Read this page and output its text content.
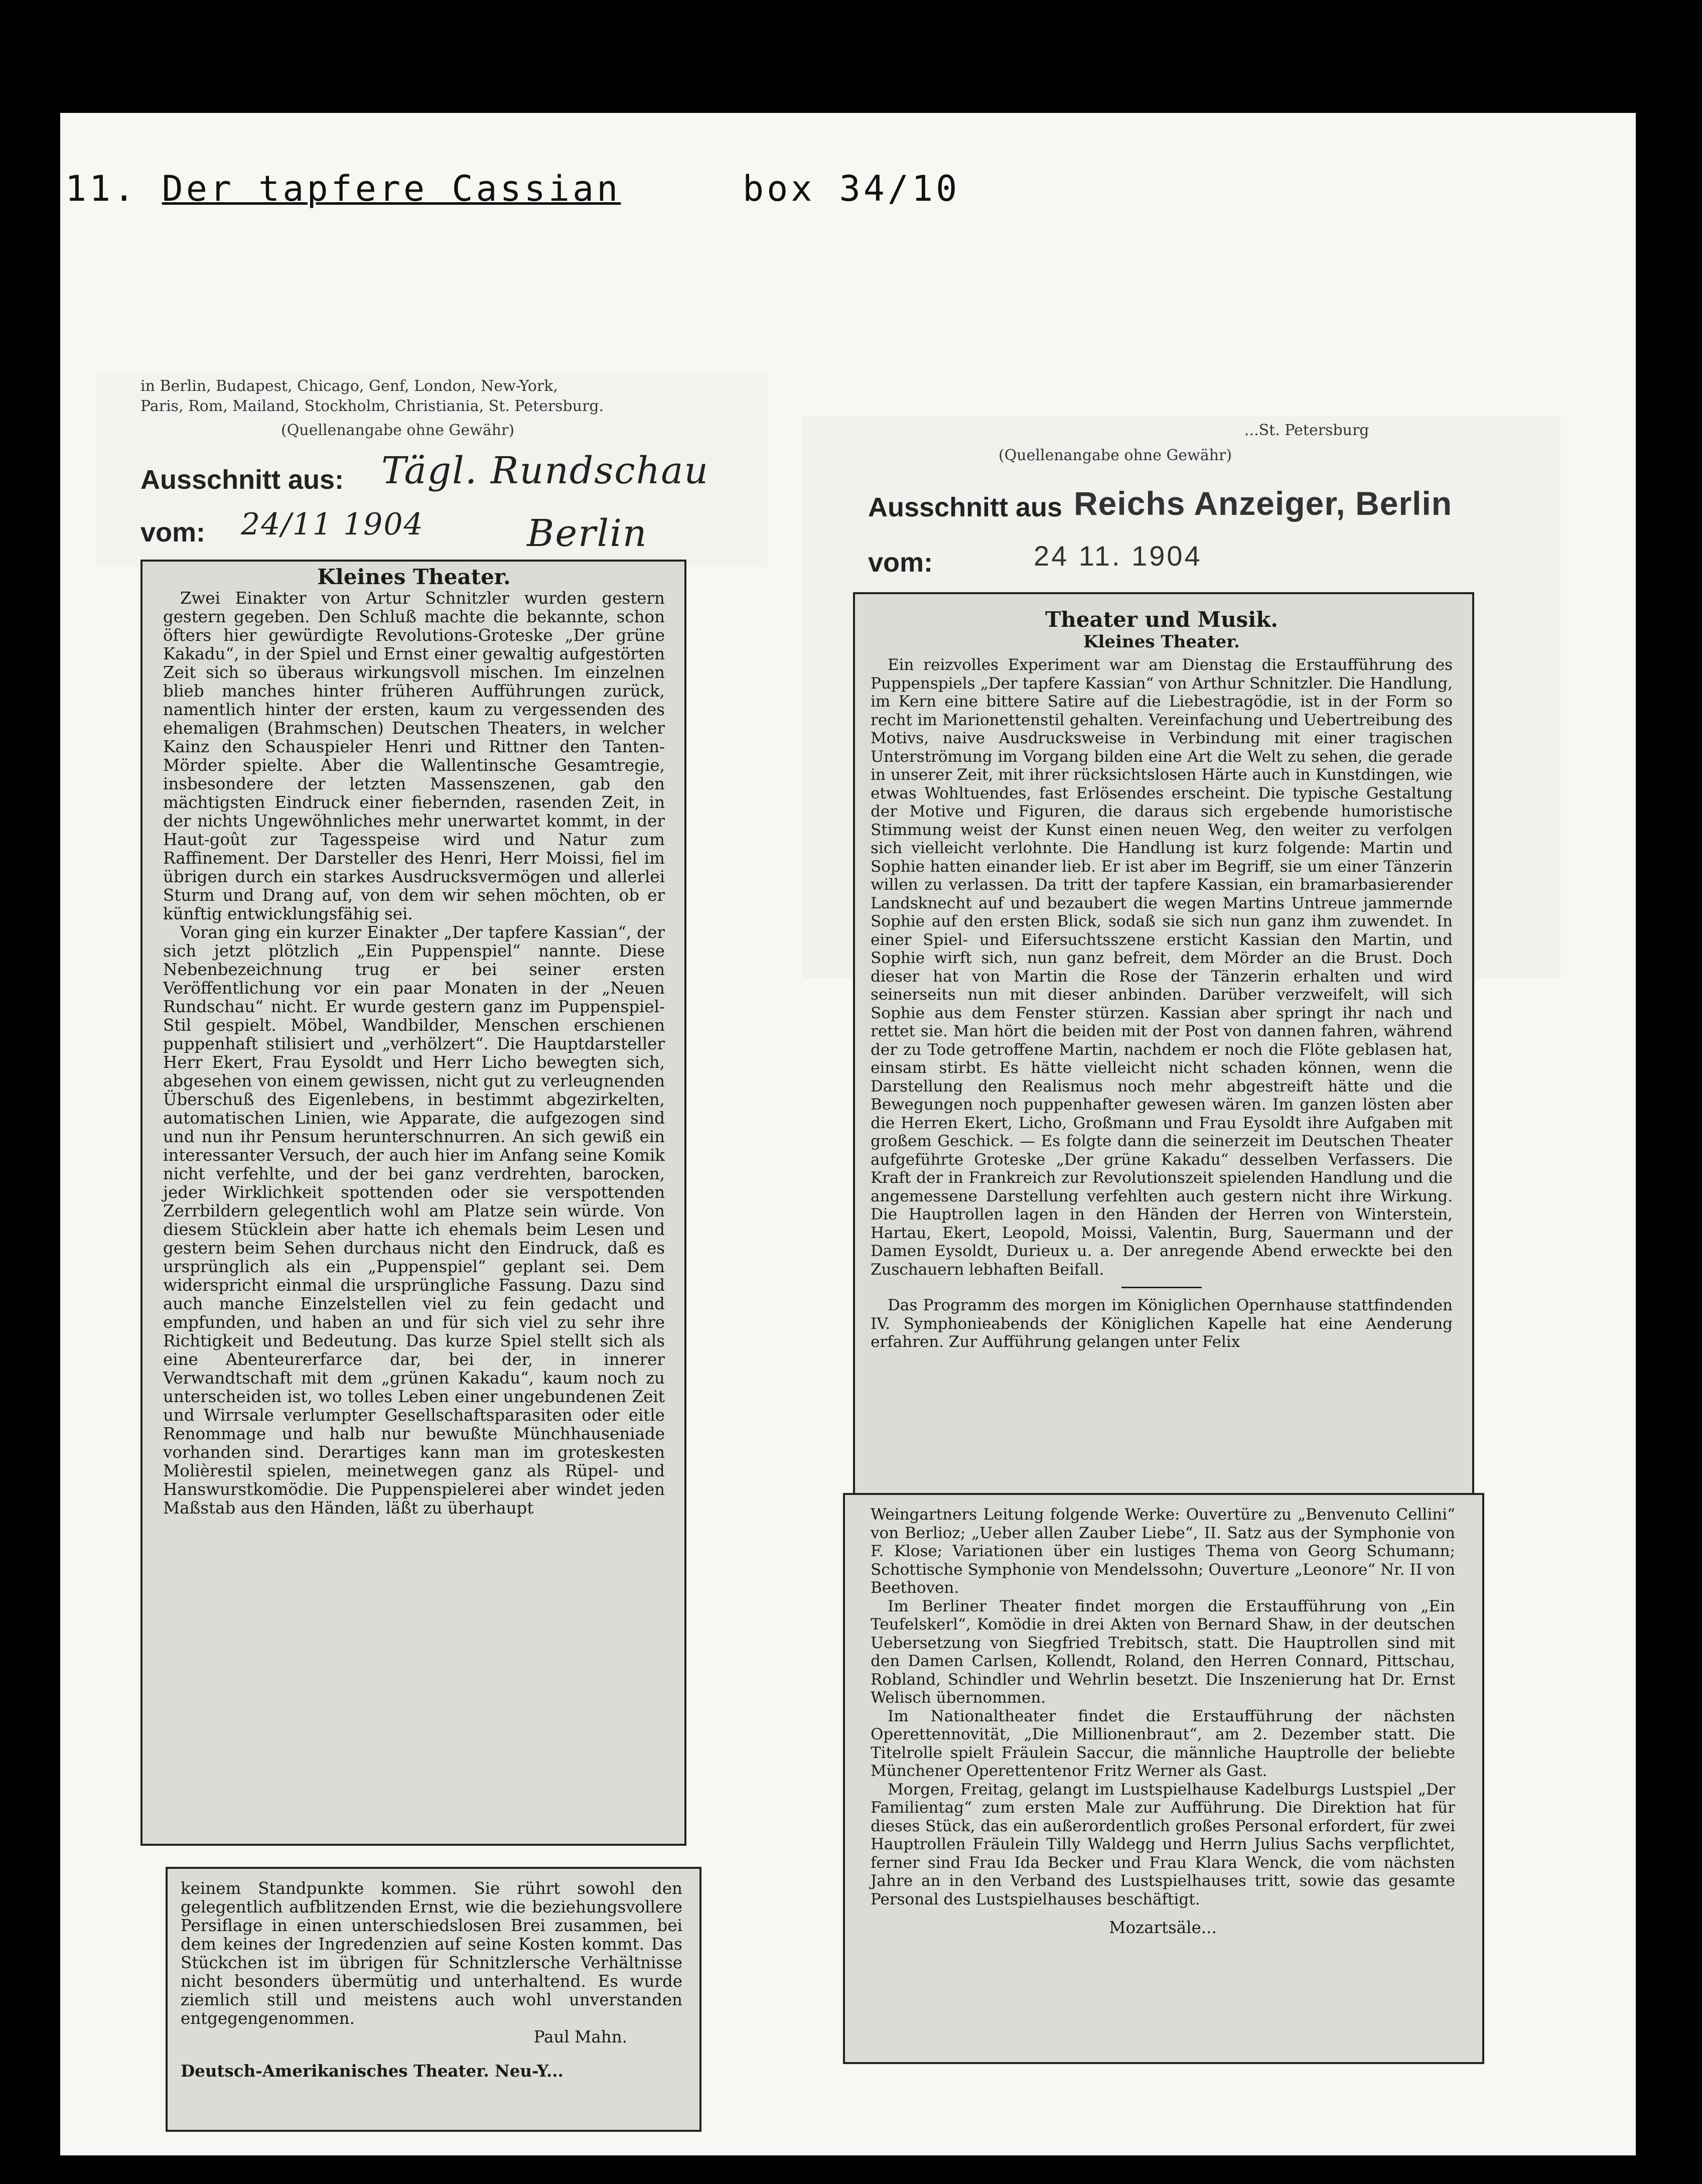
11. Der tapfere Cassian	box 34/10
in Berlin, Budapest, Chicago, Genf, London, New-York,
Paris, Rom, Mailand, Stockholm, Christiania, St. Petersburg.
(Quellenangabe ohne Gewähr)
Ausschnitt aus: Tägl. Rundschau
vom: 24/11 1904	Berlin
Kleines Theater.

Zwei Einakter von Artur Schnitzler wurden gestern gestern gegeben. Den Schluß machte die bekannte, schon öfters hier gewürdigte Revolutions-Groteske „Der grüne Kakadu“, in der Spiel und Ernst einer gewaltig aufgestörten Zeit sich so überaus wirkungsvoll mischen. Im einzelnen blieb manches hinter früheren Aufführungen zurück, namentlich hinter der ersten, kaum zu vergessenden des ehemaligen (Brahmschen) Deutschen Theaters, in welcher Kainz den Schauspieler Henri und Rittner den Tanten-Mörder spielte. Aber die Wallentinsche Gesamtregie, insbesondere der letzten Massenszenen, gab den mächtigsten Eindruck einer fiebernden, rasenden Zeit, in der nichts Ungewöhnliches mehr unerwartet kommt, in der Haut-goût zur Tagesspeise wird und Natur zum Raffinement. Der Darsteller des Henri, Herr Moissi, fiel im übrigen durch ein starkes Ausdrucksvermögen und allerlei Sturm und Drang auf, von dem wir sehen möchten, ob er künftig entwicklungsfähig sei.

Voran ging ein kurzer Einakter „Der tapfere Kassian“, der sich jetzt plötzlich „Ein Puppenspiel“ nannte. Diese Nebenbezeichnung trug er bei seiner ersten Veröffentlichung vor ein paar Monaten in der „Neuen Rundschau“ nicht. Er wurde gestern ganz im Puppenspiel-Stil gespielt. Möbel, Wandbilder, Menschen erschienen puppenhaft stilisiert und „verhölzert“. Die Hauptdarsteller Herr Ekert, Frau Eysoldt und Herr Licho bewegten sich, abgesehen von einem gewissen, nicht gut zu verleugnenden Überschuß des Eigenlebens, in bestimmt abgezirkelten, automatischen Linien, wie Apparate, die aufgezogen sind und nun ihr Pensum herunterschnurren. An sich gewiß ein interessanter Versuch, der auch hier im Anfang seine Komik nicht verfehlte, und der bei ganz verdrehten, barocken, jeder Wirklichkeit spottenden oder sie verspottenden Zerrbildern gelegentlich wohl am Platze sein würde. Von diesem Stücklein aber hatte ich ehemals beim Lesen und gestern beim Sehen durchaus nicht den Eindruck, daß es ursprünglich als ein „Puppenspiel“ geplant sei. Dem widerspricht einmal die ursprüngliche Fassung. Dazu sind auch manche Einzelstellen viel zu fein gedacht und empfunden, und haben an und für sich viel zu sehr ihre Richtigkeit und Bedeutung. Das kurze Spiel stellt sich als eine Abenteurerfarce dar, bei der, in innerer Verwandtschaft mit dem „grünen Kakadu“, kaum noch zu unterscheiden ist, wo tolles Leben einer ungebundenen Zeit und Wirrsale verlumpter Gesellschaftsparasiten oder eitle Renommage und halb nur bewußte Münchhauseniade vorhanden sind. Derartiges kann man im groteskesten Molièrestil spielen, meinetwegen ganz als Rüpel- und Hanswurstkomödie. Die Puppenspielerei aber windet jeden Maßstab aus den Händen, läßt zu überhaupt

keinem Standpunkte kommen. Sie rührt sowohl den gelegentlich aufblitzenden Ernst, wie die beziehungsvollere Persiflage in einen unterschiedslosen Brei zusammen, bei dem keines der Ingredenzien auf seine Kosten kommt. Das Stückchen ist im übrigen für Schnitzlersche Verhältnisse nicht besonders übermütig und unterhaltend. Es wurde ziemlich still und meistens auch wohl unverstanden entgegengenommen.

Paul Mahn.

Deutsch-Amerikanisches Theater. Neu-Y...

...St. Petersburg
(Quellenangabe ohne Gewähr)
Ausschnitt aus Reichs Anzeiger, Berlin
vom:	24 11. 1904
Theater und Musik.
Kleines Theater.

Ein reizvolles Experiment war am Dienstag die Erstaufführung des Puppenspiels „Der tapfere Kassian“ von Arthur Schnitzler. Die Handlung, im Kern eine bittere Satire auf die Liebestragödie, ist in der Form so recht im Marionettenstil gehalten. Vereinfachung und Uebertreibung des Motivs, naive Ausdrucksweise in Verbindung mit einer tragischen Unterströmung im Vorgang bilden eine Art die Welt zu sehen, die gerade in unserer Zeit, mit ihrer rücksichtslosen Härte auch in Kunstdingen, wie etwas Wohltuendes, fast Erlösendes erscheint. Die typische Gestaltung der Motive und Figuren, die daraus sich ergebende humoristische Stimmung weist der Kunst einen neuen Weg, den weiter zu verfolgen sich vielleicht verlohnte. Die Handlung ist kurz folgende: Martin und Sophie hatten einander lieb. Er ist aber im Begriff, sie um einer Tänzerin willen zu verlassen. Da tritt der tapfere Kassian, ein bramarbasierender Landsknecht auf und bezaubert die wegen Martins Untreue jammernde Sophie auf den ersten Blick, sodaß sie sich nun ganz ihm zuwendet. In einer Spiel- und Eifersuchtsszene ersticht Kassian den Martin, und Sophie wirft sich, nun ganz befreit, dem Mörder an die Brust. Doch dieser hat von Martin die Rose der Tänzerin erhalten und wird seinerseits nun mit dieser anbinden. Darüber verzweifelt, will sich Sophie aus dem Fenster stürzen. Kassian aber springt ihr nach und rettet sie. Man hört die beiden mit der Post von dannen fahren, während der zu Tode getroffene Martin, nachdem er noch die Flöte geblasen hat, einsam stirbt. Es hätte vielleicht nicht schaden können, wenn die Darstellung den Realismus noch mehr abgestreift hätte und die Bewegungen noch puppenhafter gewesen wären. Im ganzen lösten aber die Herren Ekert, Licho, Großmann und Frau Eysoldt ihre Aufgaben mit großem Geschick. — Es folgte dann die seinerzeit im Deutschen Theater aufgeführte Groteske „Der grüne Kakadu“ desselben Verfassers. Die Kraft der in Frankreich zur Revolutionszeit spielenden Handlung und die angemessene Darstellung verfehlten auch gestern nicht ihre Wirkung. Die Hauptrollen lagen in den Händen der Herren von Winterstein, Hartau, Ekert, Leopold, Moissi, Valentin, Burg, Sauermann und der Damen Eysoldt, Durieux u. a. Der anregende Abend erweckte bei den Zuschauern lebhaften Beifall.

Das Programm des morgen im Königlichen Opernhause stattfindenden IV. Symphonieabends der Königlichen Kapelle hat eine Aenderung erfahren. Zur Aufführung gelangen unter Felix

Weingartners Leitung folgende Werke: Ouvertüre zu „Benvenuto Cellini“ von Berlioz; „Ueber allen Zauber Liebe“, II. Satz aus der Symphonie von F. Klose; Variationen über ein lustiges Thema von Georg Schumann; Schottische Symphonie von Mendelssohn; Ouverture „Leonore“ Nr. II von Beethoven.

Im Berliner Theater findet morgen die Erstaufführung von „Ein Teufelskerl“, Komödie in drei Akten von Bernard Shaw, in der deutschen Uebersetzung von Siegfried Trebitsch, statt. Die Hauptrollen sind mit den Damen Carlsen, Kollendt, Roland, den Herren Connard, Pittschau, Robland, Schindler und Wehrlin besetzt. Die Inszenierung hat Dr. Ernst Welisch übernommen.

Im Nationaltheater findet die Erstaufführung der nächsten Operettennovität, „Die Millionenbraut“, am 2. Dezember statt. Die Titelrolle spielt Fräulein Saccur, die männliche Hauptrolle der beliebte Münchener Operettentenor Fritz Werner als Gast.

Morgen, Freitag, gelangt im Lustspielhause Kadelburgs Lustspiel „Der Familientag“ zum ersten Male zur Aufführung. Die Direktion hat für dieses Stück, das ein außerordentlich großes Personal erfordert, für zwei Hauptrollen Fräulein Tilly Waldegg und Herrn Julius Sachs verpflichtet, ferner sind Frau Ida Becker und Frau Klara Wenck, die vom nächsten Jahre an in den Verband des Lustspielhauses tritt, sowie das gesamte Personal des Lustspielhauses beschäftigt.

Mozartsäle...
